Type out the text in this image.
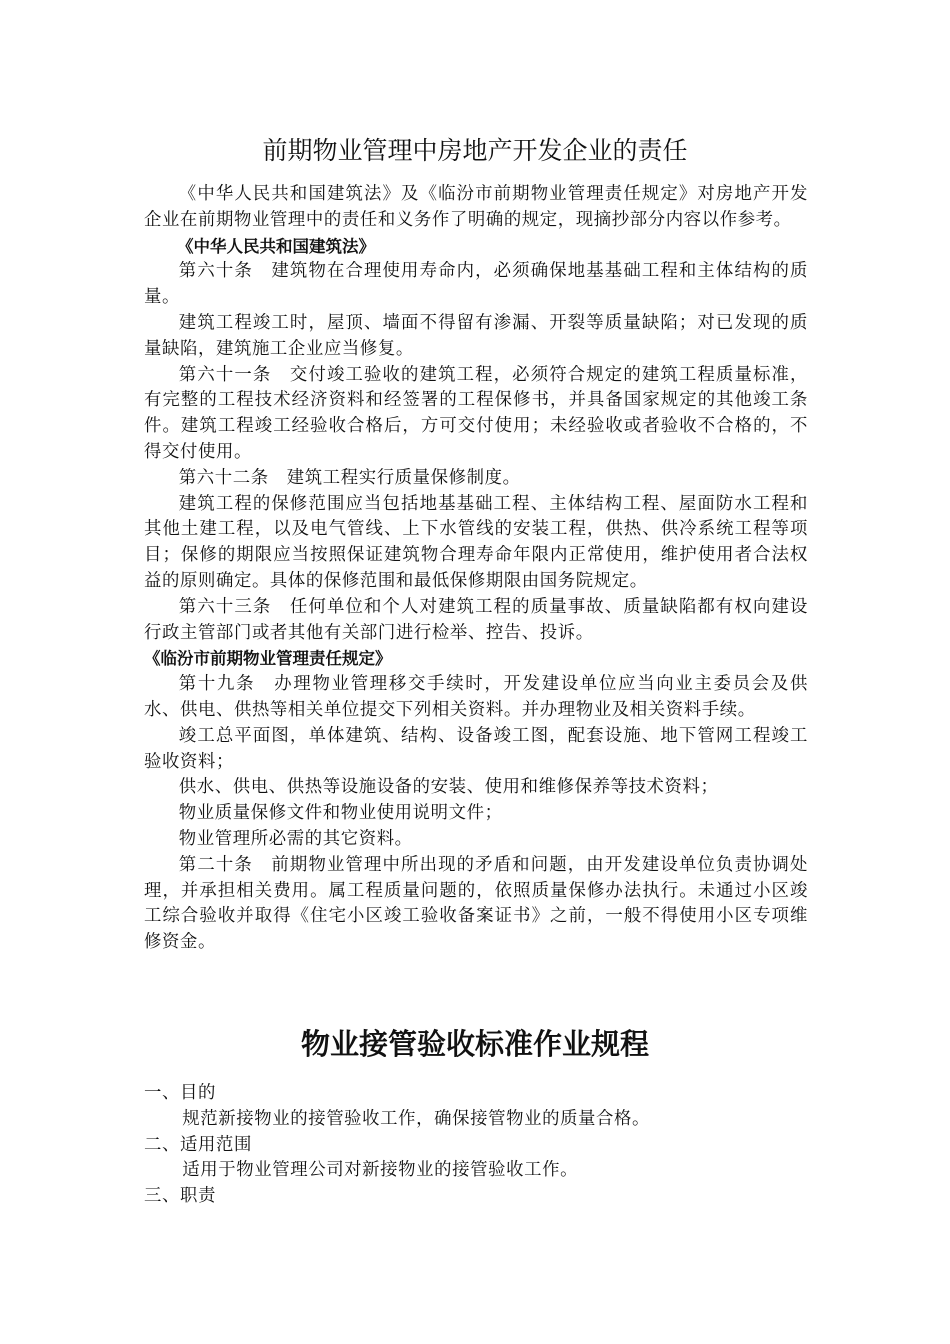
前期物业管理中房地产开发企业的责任

《中华人民共和国建筑法》及《临汾市前期物业管理责任规定》对房地产开发企业在前期物业管理中的责任和义务作了明确的规定，现摘抄部分内容以作参考。

《中华人民共和国建筑法》

第六十条　建筑物在合理使用寿命内，必须确保地基基础工程和主体结构的质量。

建筑工程竣工时，屋顶、墙面不得留有渗漏、开裂等质量缺陷；对已发现的质量缺陷，建筑施工企业应当修复。

第六十一条　交付竣工验收的建筑工程，必须符合规定的建筑工程质量标准，有完整的工程技术经济资料和经签署的工程保修书，并具备国家规定的其他竣工条件。建筑工程竣工经验收合格后，方可交付使用；未经验收或者验收不合格的，不得交付使用。

第六十二条　建筑工程实行质量保修制度。

建筑工程的保修范围应当包括地基基础工程、主体结构工程、屋面防水工程和其他土建工程，以及电气管线、上下水管线的安装工程，供热、供冷系统工程等项目；保修的期限应当按照保证建筑物合理寿命年限内正常使用，维护使用者合法权益的原则确定。具体的保修范围和最低保修期限由国务院规定。

第六十三条　任何单位和个人对建筑工程的质量事故、质量缺陷都有权向建设行政主管部门或者其他有关部门进行检举、控告、投诉。

《临汾市前期物业管理责任规定》

第十九条　办理物业管理移交手续时，开发建设单位应当向业主委员会及供水、供电、供热等相关单位提交下列相关资料。并办理物业及相关资料手续。

竣工总平面图，单体建筑、结构、设备竣工图，配套设施、地下管网工程竣工验收资料；

供水、供电、供热等设施设备的安装、使用和维修保养等技术资料；

物业质量保修文件和物业使用说明文件；

物业管理所必需的其它资料。

第二十条　前期物业管理中所出现的矛盾和问题，由开发建设单位负责协调处理，并承担相关费用。属工程质量问题的，依照质量保修办法执行。未通过小区竣工综合验收并取得《住宅小区竣工验收备案证书》之前，一般不得使用小区专项维修资金。

物业接管验收标准作业规程

一、目的

规范新接物业的接管验收工作，确保接管物业的质量合格。

二、适用范围

适用于物业管理公司对新接物业的接管验收工作。

三、职责
